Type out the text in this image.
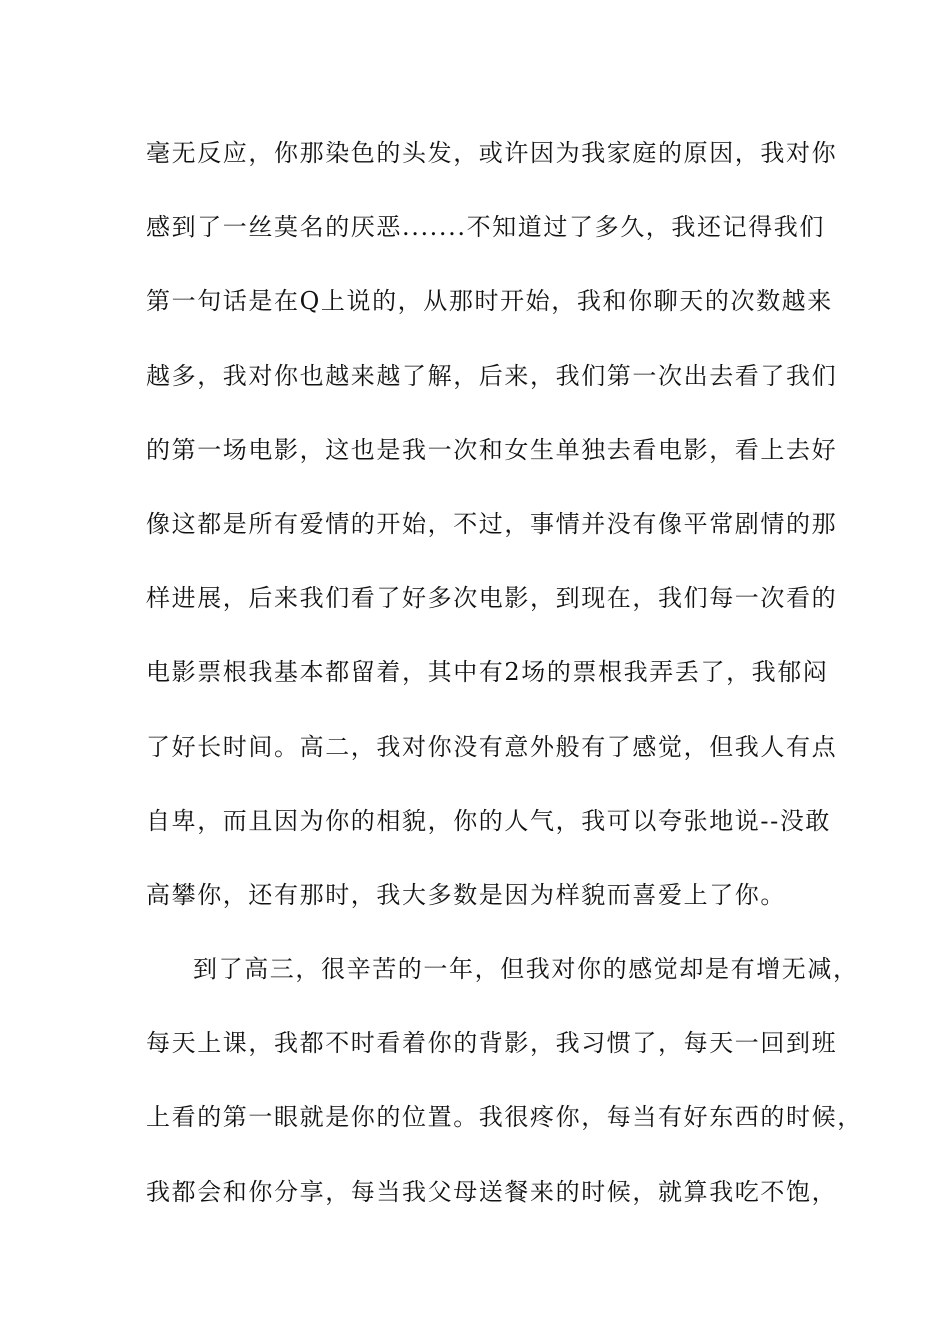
毫无反应，你那染色的头发，或许因为我家庭的原因，我对你
感到了一丝莫名的厌恶.......不知道过了多久，我还记得我们
第一句话是在Q上说的，从那时开始，我和你聊天的次数越来
越多，我对你也越来越了解，后来，我们第一次出去看了我们
的第一场电影，这也是我一次和女生单独去看电影，看上去好
像这都是所有爱情的开始，不过，事情并没有像平常剧情的那
样进展，后来我们看了好多次电影，到现在，我们每一次看的
电影票根我基本都留着，其中有2场的票根我弄丢了，我郁闷
了好长时间。高二，我对你没有意外般有了感觉，但我人有点
自卑，而且因为你的相貌，你的人气，我可以夸张地说--没敢
高攀你，还有那时，我大多数是因为样貌而喜爱上了你。
到了高三，很辛苦的一年，但我对你的感觉却是有增无减，
每天上课，我都不时看着你的背影，我习惯了，每天一回到班
上看的第一眼就是你的位置。我很疼你，每当有好东西的时候，
我都会和你分享，每当我父母送餐来的时候，就算我吃不饱，
